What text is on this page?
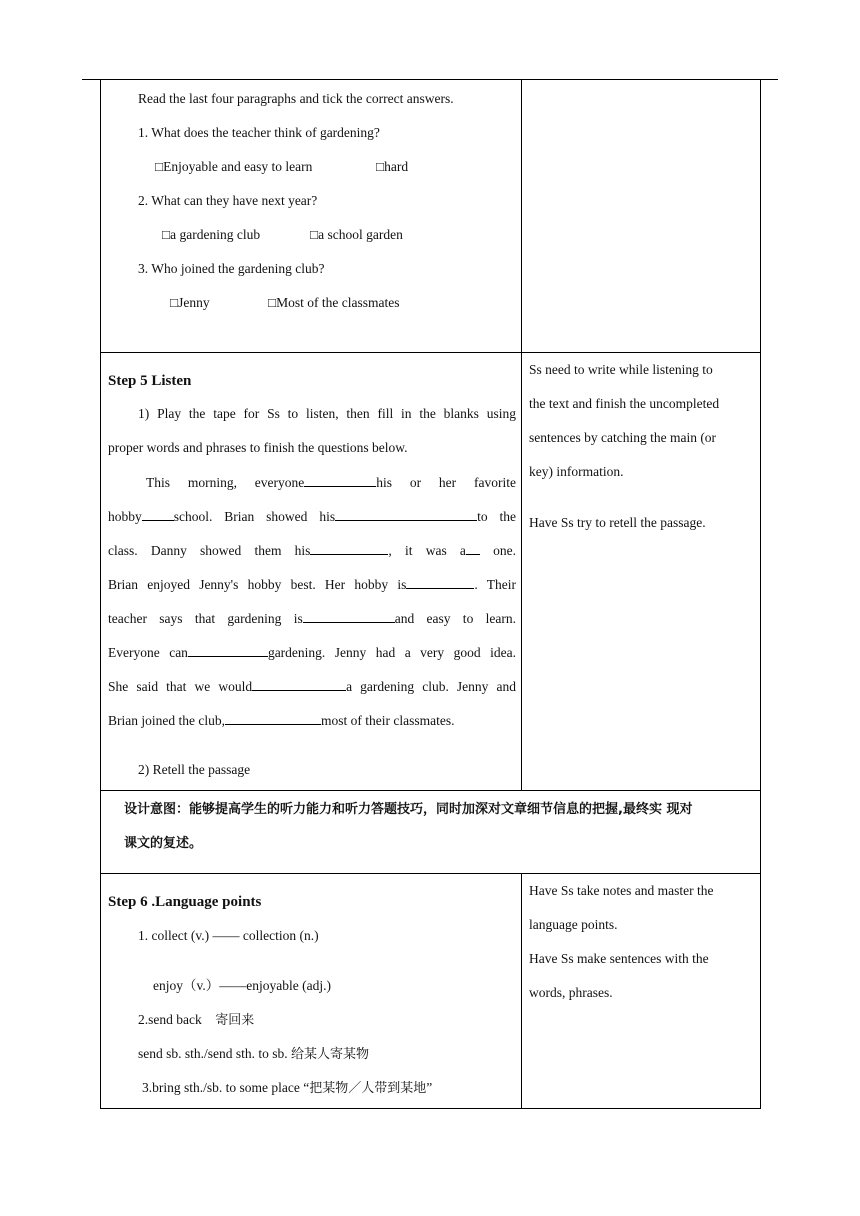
Read the last four paragraphs and tick the correct answers.
1. What does the teacher think of gardening?
□Enjoyable and easy to learn	□hard
2. What can they have next year?
□a gardening club	□a school garden
3. Who joined the gardening club?
□Jenny	□Most of the classmates
Step 5 Listen
1) Play the tape for Ss to listen, then fill in the blanks using
proper words and phrases to finish the questions below.
This morning, everyone	his or her favorite
hobby school. Brian showed his	to the
class. Danny showed them his	, it was a one.
Brian enjoyed Jenny's hobby best. Her hobby is	. Their
teacher says that gardening is	and easy to learn.
Everyone can	gardening. Jenny had a very good idea.
She said that we would	a gardening club. Jenny and
Brian joined the club,	most of their classmates.
2) Retell the passage
Ss need to write while listening to
the text and finish the uncompleted
sentences by catching the main (or
key) information.
Have Ss try to retell the passage.
设计意图：能够提高学生的听力能力和听力答题技巧，同时加深对文章细节信息的把握,最终实 现对
课文的复述。
Step 6 .Language points
1. collect (v.) —— collection (n.)
enjoy（v.）——enjoyable (adj.)
2.send back 寄回来
send sb. sth./send sth. to sb. 给某人寄某物
3.bring sth./sb. to some place “把某物／人带到某地”
Have Ss take notes and master the
language points.
Have Ss make sentences with the
words, phrases.
